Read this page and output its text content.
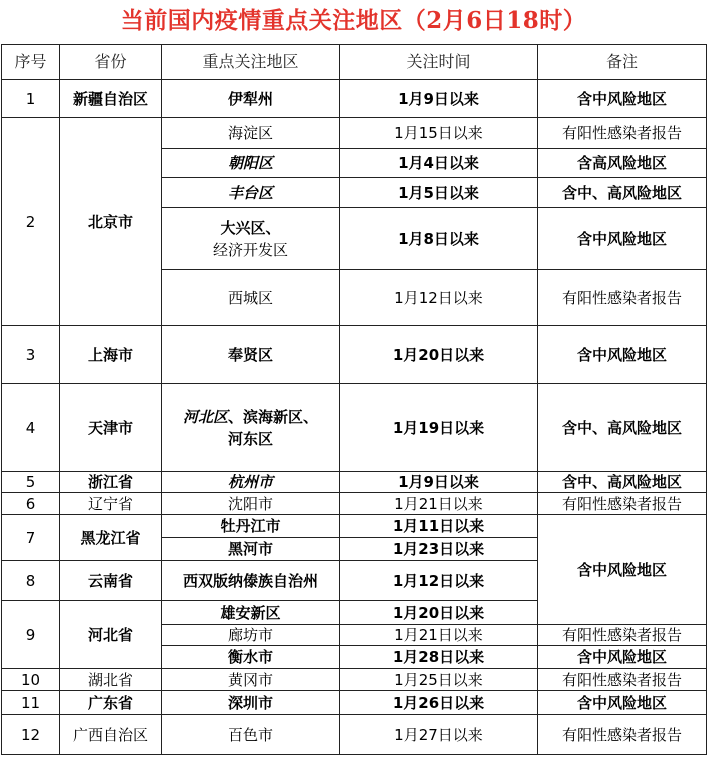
当前国内疫情重点关注地区（2月6日18时）
序号	省份	重点关注地区	关注时间	备注
1	新疆自治区	伊犁州	1月9日以来	含中风险地区
2	北京市	海淀区	1月15日以来	有阳性感染者报告
		朝阳区	1月4日以来	含高风险地区
		丰台区	1月5日以来	含中、高风险地区
		大兴区、
经济开发区	1月8日以来	含中风险地区
		西城区	1月12日以来	有阳性感染者报告
3	上海市	奉贤区	1月20日以来	含中风险地区
4	天津市	河北区、滨海新区、
河东区	1月19日以来	含中、高风险地区
5	浙江省	杭州市	1月9日以来	含中、高风险地区
6	辽宁省	沈阳市	1月21日以来	有阳性感染者报告
7	黑龙江省	牡丹江市	1月11日以来	含中风险地区
		黑河市	1月23日以来	
8	云南省	西双版纳傣族自治州	1月12日以来	
9	河北省	雄安新区	1月20日以来	
		廊坊市	1月21日以来	有阳性感染者报告
		衡水市	1月28日以来	含中风险地区
10	湖北省	黄冈市	1月25日以来	有阳性感染者报告
11	广东省	深圳市	1月26日以来	含中风险地区
12	广西自治区	百色市	1月27日以来	有阳性感染者报告
